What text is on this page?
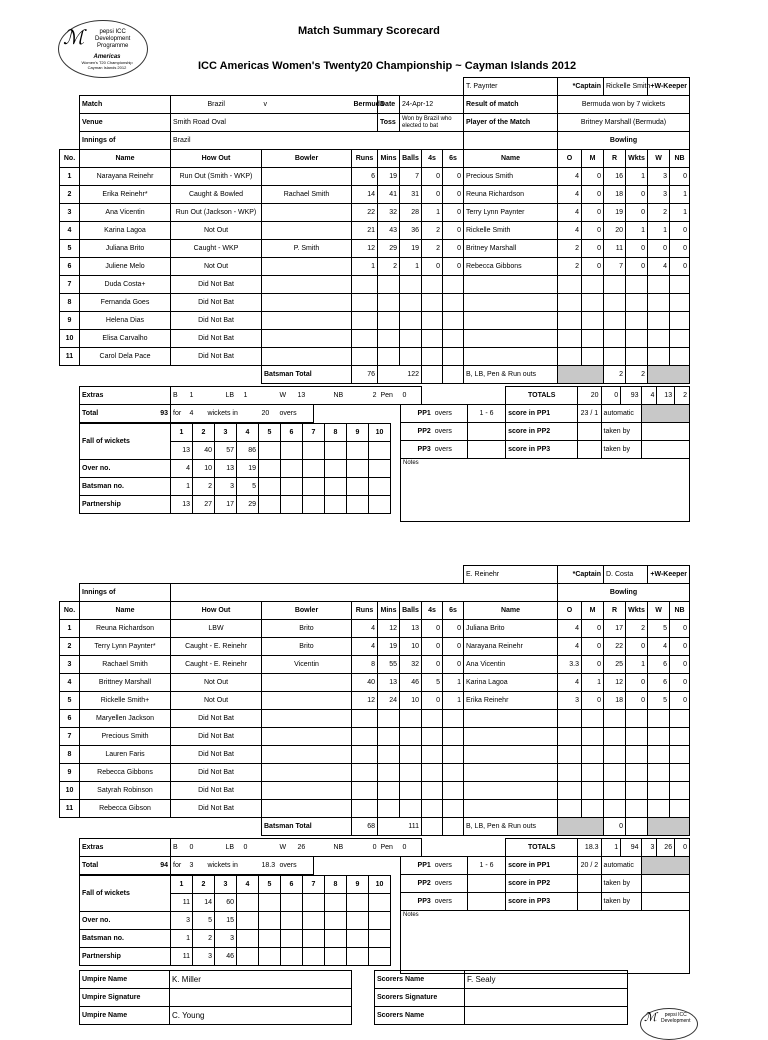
ℳ	pepsi ICC
Development
Programme
Americas
Women's T20 Championship
Cayman Islands 2012
Match Summary Scorecard
ICC Americas Women's Twenty20 Championship ~ Cayman Islands 2012
									T. Paynter	*Captain		Rickelle Smith		+W-Keeper	
	Match	Brazil	v	Bermuda	Date	24-Apr-12			Result of match	Bermuda won by 7 wickets					
	Venue	Smith Road Oval			Toss	Won by Brazil who elected to bat			Player of the Match	Britney Marshall (Bermuda)					
	Innings of	Brazil								Bowling					
No.	Name	How Out	Bowler	Runs	Mins	Balls	4s	6s	Name	O	M	R	Wkts	W	NB
1	Narayana Reinehr	Run Out (Smith - WKP)		6	19	7	0	0	Precious Smith	4	0	16	1	3	0
2	Erika Reinehr*	Caught & Bowled	Rachael Smith	14	41	31	0	0	Reuna Richardson	4	0	18	0	3	1
3	Ana Vicentin	Run Out (Jackson - WKP)		22	32	28	1	0	Terry Lynn Paynter	4	0	19	0	2	1
4	Karina Lagoa	Not Out		21	43	36	2	0	Rickelle Smith	4	0	20	1	1	0
5	Juliana Brito	Caught - WKP	P. Smith	12	29	19	2	0	Britney Marshall	2	0	11	0	0	0
6	Juliene Melo	Not Out		1	2	1	0	0	Rebecca Gibbons	2	0	7	0	4	0
7	Duda Costa+	Did Not Bat													
8	Fernanda Goes	Did Not Bat													
9	Helena Dias	Did Not Bat													
10	Elisa Carvalho	Did Not Bat													
11	Carol Dela Pace	Did Not Bat													
			Batsman Total	76	122				B, LB, Pen & Run outs			2	2		
Extras	B	1		LB	1		W	13		NB	2	Pen	0	
Total 93	for	4	wickets in			20	overs							
Fall of wickets	1	2	3	4	5	6	7	8	9	10
	13	40	57	86						
Over no.	4	10	13	19						
Batsman no.	1	2	3	5						
Partnership	13	27	17	29						
			TOTALS	20	0	93	4	13	2
PP1	overs	1 - 6	score in PP1	23 / 1	automatic				
PP2	overs		score in PP2		taken by				
PP3	overs		score in PP3		taken by				
Notes									
									E. Reinehr	*Captain		D. Costa		+W-Keeper	
	Innings of									Bowling					
No.	Name	How Out	Bowler	Runs	Mins	Balls	4s	6s	Name	O	M	R	Wkts	W	NB
1	Reuna Richardson	LBW	Brito	4	12	13	0	0	Juliana Brito	4	0	17	2	5	0
2	Terry Lynn Paynter*	Caught - E. Reinehr	Brito	4	19	10	0	0	Narayana Reinehr	4	0	22	0	4	0
3	Rachael Smith	Caught - E. Reinehr	Vicentin	8	55	32	0	0	Ana Vicentin	3.3	0	25	1	6	0
4	Brittney Marshall	Not Out		40	13	46	5	1	Karina Lagoa	4	1	12	0	6	0
5	Rickelle Smith+	Not Out		12	24	10	0	1	Erika Reinehr	3	0	18	0	5	0
6	Maryellen Jackson	Did Not Bat													
7	Precious Smith	Did Not Bat													
8	Lauren Faris	Did Not Bat													
9	Rebecca Gibbons	Did Not Bat													
10	Satyrah Robinson	Did Not Bat													
11	Rebecca Gibson	Did Not Bat													
			Batsman Total	68	111				B, LB, Pen & Run outs			0			
Extras	B	0		LB	0		W	26		NB	0	Pen	0	
Total 94	for	3	wickets in			18.3	overs							
Fall of wickets	1	2	3	4	5	6	7	8	9	10
	11	14	60							
Over no.	3	5	15							
Batsman no.	1	2	3							
Partnership	11	3	46							
			TOTALS	18.3	1	94	3	26	0
PP1	overs	1 - 6	score in PP1	20 / 2	automatic				
PP2	overs		score in PP2		taken by				
PP3	overs		score in PP3		taken by				
Notes									
Umpire Name	K. Miller		Scorers Name	F. Sealy
Umpire Signature			Scorers Signature	
Umpire Name	C. Young		Scorers Name		ℳ	pepsi ICC
Development
